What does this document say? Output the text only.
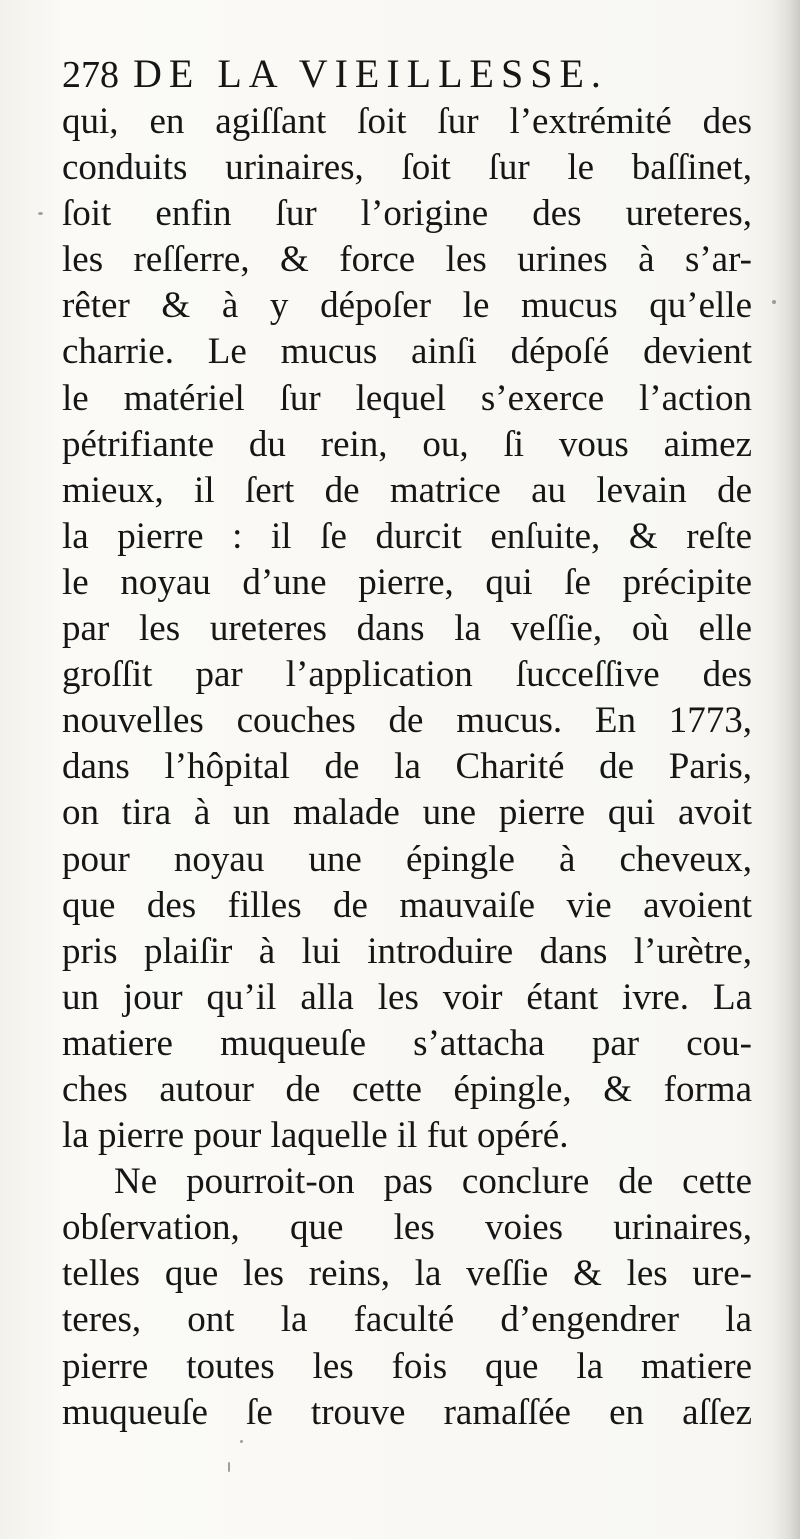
278 DE LA VIEILLESSE.
qui, en agiſſant ſoit ſur l’extrémité des
conduits urinaires, ſoit ſur le baſſinet,
ſoit enfin ſur l’origine des ureteres,
les reſſerre, & force les urines à s’ar-
rêter & à y dépoſer le mucus qu’elle
charrie. Le mucus ainſi dépoſé devient
le matériel ſur lequel s’exerce l’action
pétrifiante du rein, ou, ſi vous aimez
mieux, il ſert de matrice au levain de
la pierre : il ſe durcit enſuite, & reſte
le noyau d’une pierre, qui ſe précipite
par les ureteres dans la veſſie, où elle
groſſit par l’application ſucceſſive des
nouvelles couches de mucus. En 1773,
dans l’hôpital de la Charité de Paris,
on tira à un malade une pierre qui avoit
pour noyau une épingle à cheveux,
que des filles de mauvaiſe vie avoient
pris plaiſir à lui introduire dans l’urètre,
un jour qu’il alla les voir étant ivre. La
matiere muqueuſe s’attacha par cou-
ches autour de cette épingle, & forma
la pierre pour laquelle il fut opéré.
Ne pourroit-on pas conclure de cette
obſervation, que les voies urinaires,
telles que les reins, la veſſie & les ure-
teres, ont la faculté d’engendrer la
pierre toutes les fois que la matiere
muqueuſe ſe trouve ramaſſée en aſſez
